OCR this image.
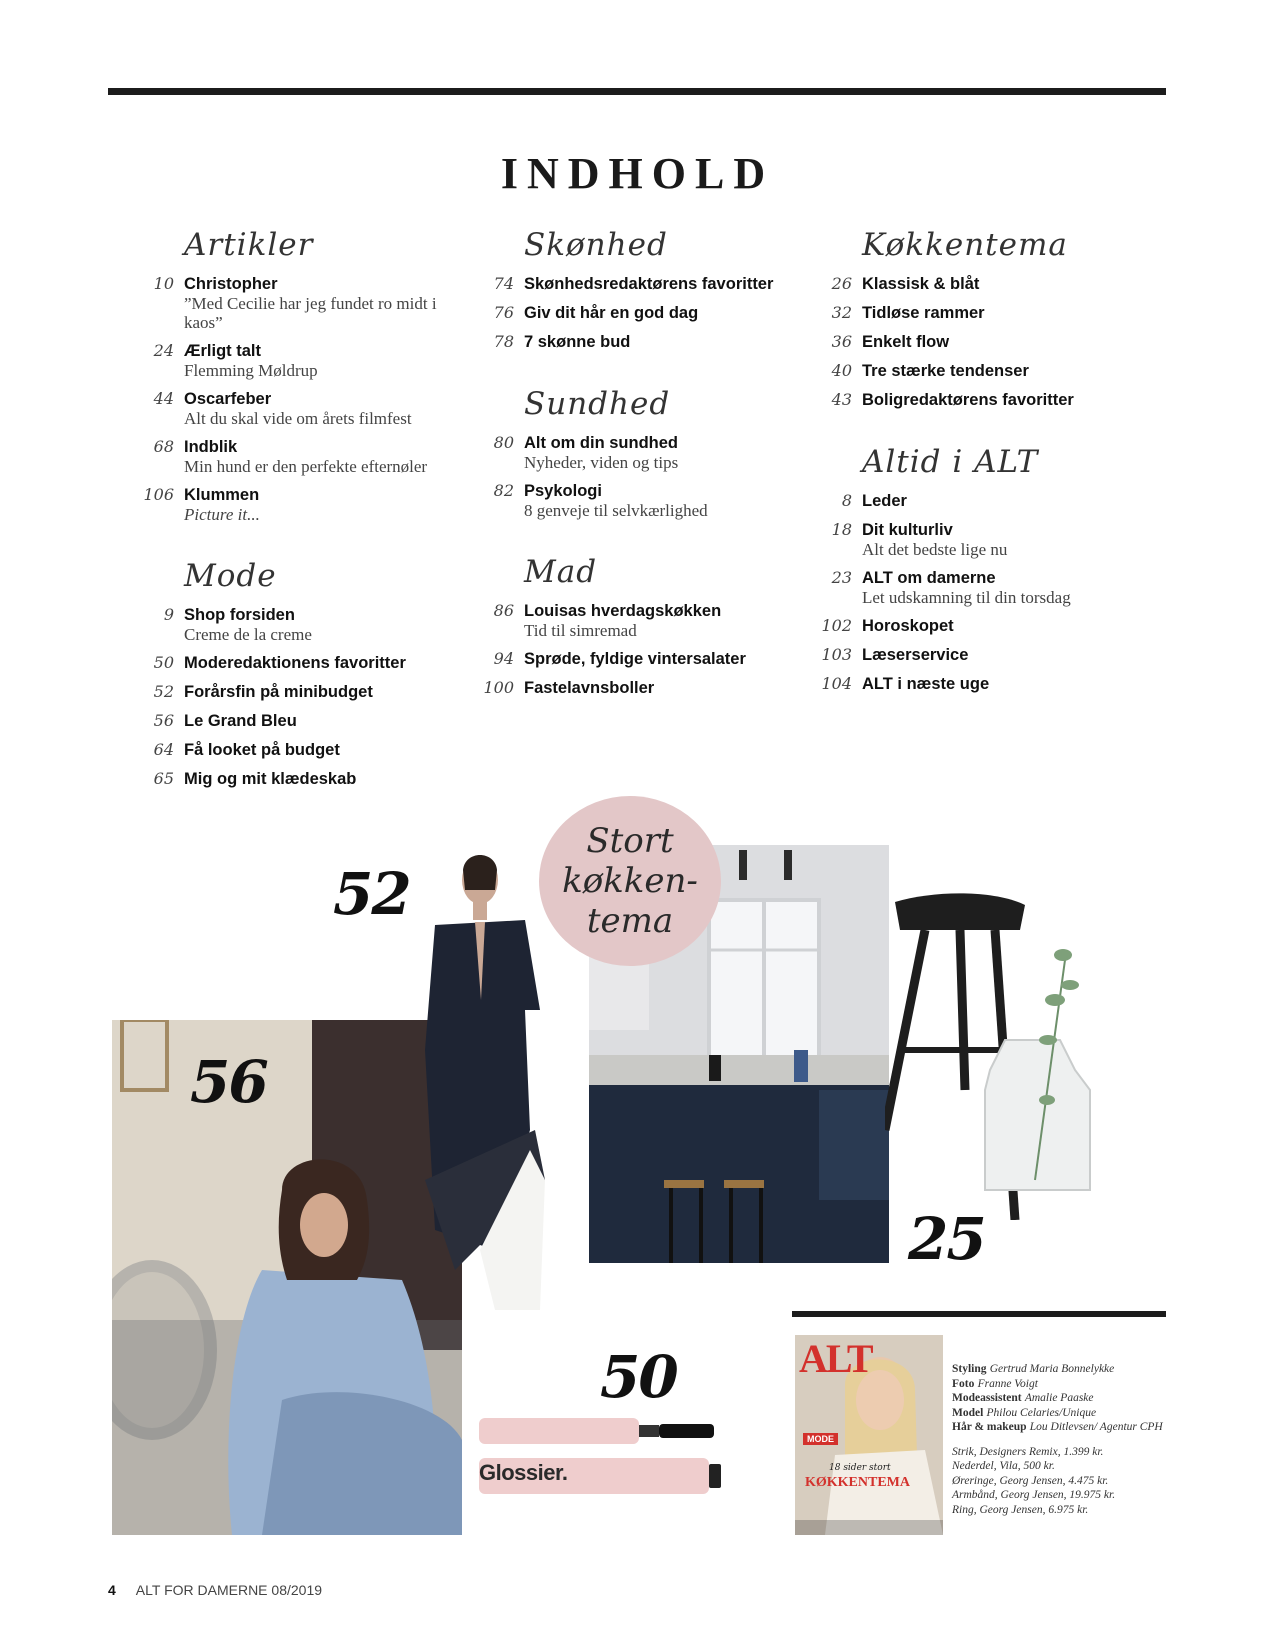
INDHOLD
Artikler
10 Christopher
”Med Cecilie har jeg fundet ro midt i kaos”
24 Ærligt talt
Flemming Møldrup
44 Oscarfeber
Alt du skal vide om årets filmfest
68 Indblik
Min hund er den perfekte efternøler
106 Klummen
Picture it...
Mode
9 Shop forsiden
Creme de la creme
50 Moderedaktionens favoritter
52 Forårsfin på minibudget
56 Le Grand Bleu
64 Få looket på budget
65 Mig og mit klædeskab
Skønhed
74 Skønhedsredaktørens favoritter
76 Giv dit hår en god dag
78 7 skønne bud
Sundhed
80 Alt om din sundhed
Nyheder, viden og tips
82 Psykologi
8 genveje til selvkærlighed
Mad
86 Louisas hverdagskøkken
Tid til simremad
94 Sprøde, fyldige vintersalater
100 Fastelavnsboller
Køkkentema
26 Klassisk & blåt
32 Tidløse rammer
36 Enkelt flow
40 Tre stærke tendenser
43 Boligredaktørens favoritter
Altid i ALT
8 Leder
18 Dit kulturliv
Alt det bedste lige nu
23 ALT om damerne
Let udskamning til din torsdag
102 Horoskopet
103 Læserservice
104 ALT i næste uge
56
52
Stort køkken-tema
25
50
Glossier.
ALT
MODE
18 sider stort
KØKKENTEMA
Styling Gertrud Maria Bonnelykke
Foto Franne Voigt
Modeassistent Amalie Paaske
Model Philou Celaries/Unique
Hår & makeup Lou Ditlevsen/ Agentur CPH
Strik, Designers Remix, 1.399 kr.
Nederdel, Vila, 500 kr.
Øreringe, Georg Jensen, 4.475 kr.
Armbånd, Georg Jensen, 19.975 kr.
Ring, Georg Jensen, 6.975 kr.
4 ALT FOR DAMERNE 08/2019
